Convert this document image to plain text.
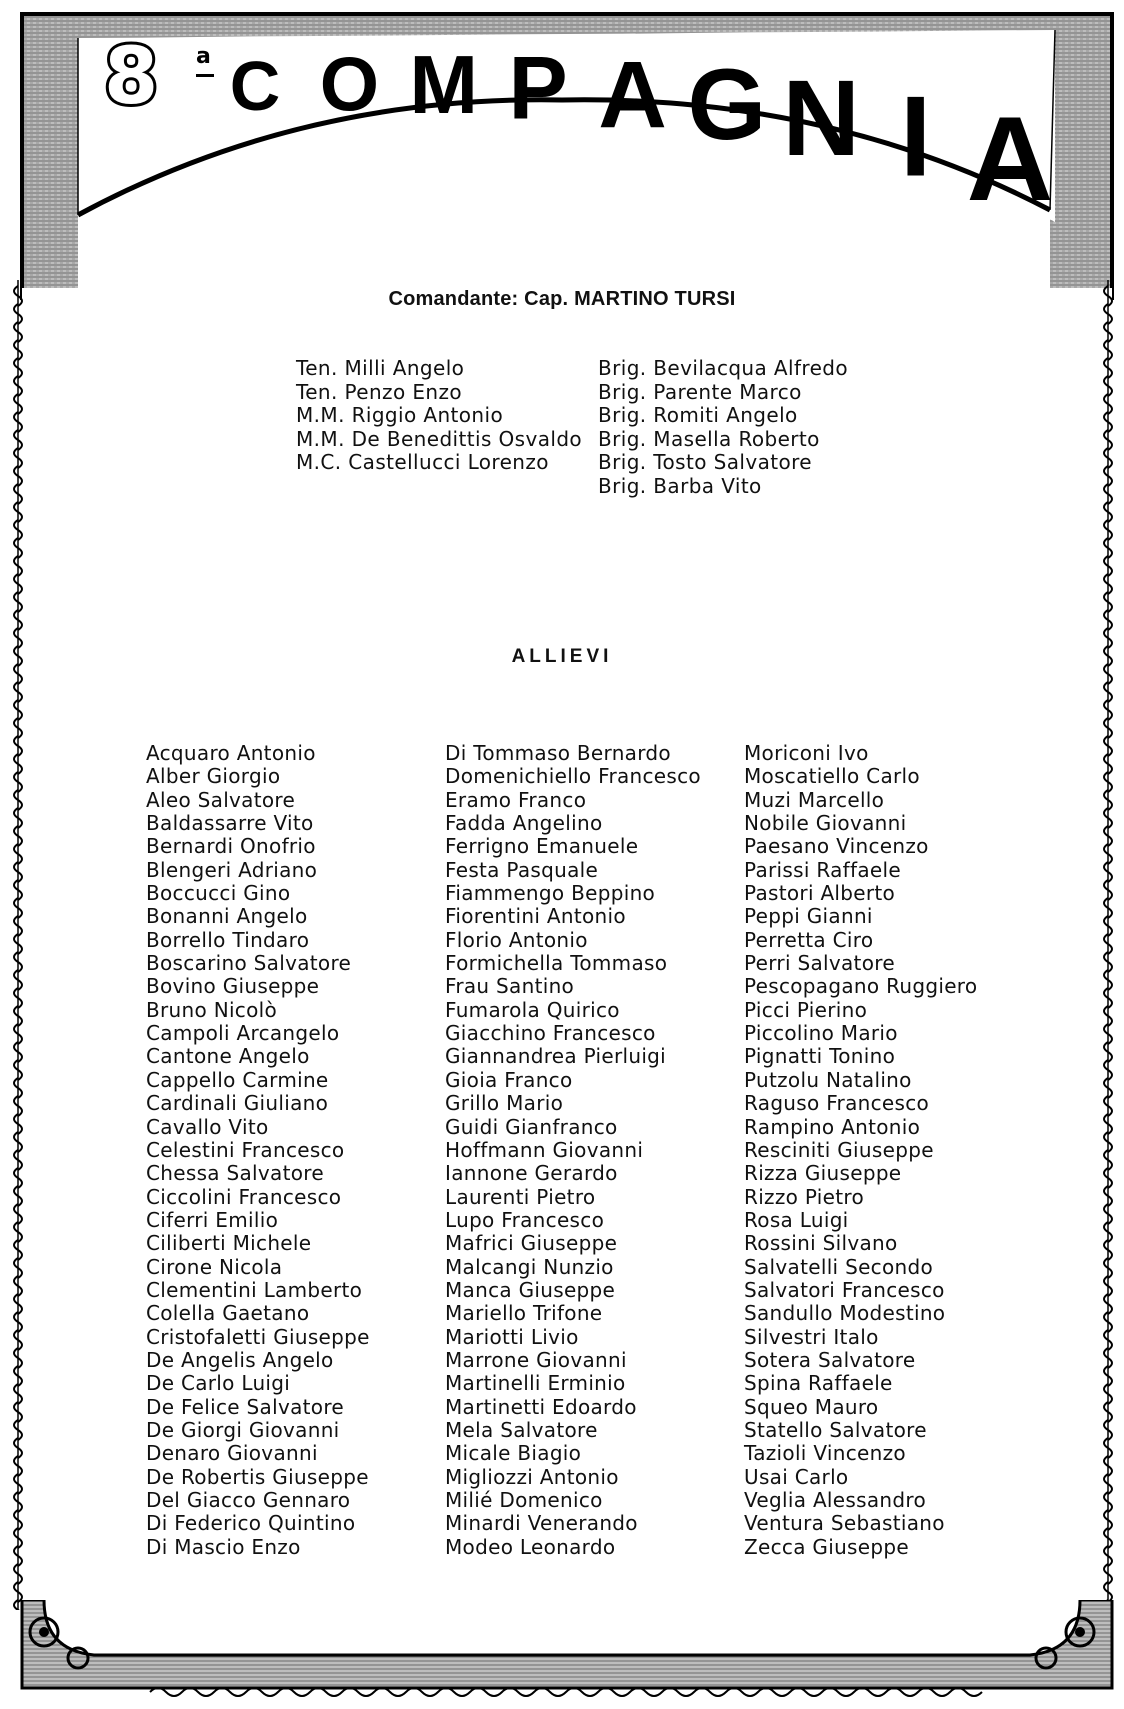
8 a C O M P A G N I A
Comandante: Cap. MARTINO TURSI
Ten. Milli Angelo
Ten. Penzo Enzo
M.M. Riggio Antonio
M.M. De Benedittis Osvaldo
M.C. Castellucci Lorenzo
Brig. Bevilacqua Alfredo
Brig. Parente Marco
Brig. Romiti Angelo
Brig. Masella Roberto
Brig. Tosto Salvatore
Brig. Barba Vito
ALLIEVI
Acquaro Antonio
Alber Giorgio
Aleo Salvatore
Baldassarre Vito
Bernardi Onofrio
Blengeri Adriano
Boccucci Gino
Bonanni Angelo
Borrello Tindaro
Boscarino Salvatore
Bovino Giuseppe
Bruno Nicolò
Campoli Arcangelo
Cantone Angelo
Cappello Carmine
Cardinali Giuliano
Cavallo Vito
Celestini Francesco
Chessa Salvatore
Ciccolini Francesco
Ciferri Emilio
Ciliberti Michele
Cirone Nicola
Clementini Lamberto
Colella Gaetano
Cristofaletti Giuseppe
De Angelis Angelo
De Carlo Luigi
De Felice Salvatore
De Giorgi Giovanni
Denaro Giovanni
De Robertis Giuseppe
Del Giacco Gennaro
Di Federico Quintino
Di Mascio Enzo
Di Tommaso Bernardo
Domenichiello Francesco
Eramo Franco
Fadda Angelino
Ferrigno Emanuele
Festa Pasquale
Fiammengo Beppino
Fiorentini Antonio
Florio Antonio
Formichella Tommaso
Frau Santino
Fumarola Quirico
Giacchino Francesco
Giannandrea Pierluigi
Gioia Franco
Grillo Mario
Guidi Gianfranco
Hoffmann Giovanni
Iannone Gerardo
Laurenti Pietro
Lupo Francesco
Mafrici Giuseppe
Malcangi Nunzio
Manca Giuseppe
Mariello Trifone
Mariotti Livio
Marrone Giovanni
Martinelli Erminio
Martinetti Edoardo
Mela Salvatore
Micale Biagio
Migliozzi Antonio
Milié Domenico
Minardi Venerando
Modeo Leonardo
Moriconi Ivo
Moscatiello Carlo
Muzi Marcello
Nobile Giovanni
Paesano Vincenzo
Parissi Raffaele
Pastori Alberto
Peppi Gianni
Perretta Ciro
Perri Salvatore
Pescopagano Ruggiero
Picci Pierino
Piccolino Mario
Pignatti Tonino
Putzolu Natalino
Raguso Francesco
Rampino Antonio
Resciniti Giuseppe
Rizza Giuseppe
Rizzo Pietro
Rosa Luigi
Rossini Silvano
Salvatelli Secondo
Salvatori Francesco
Sandullo Modestino
Silvestri Italo
Sotera Salvatore
Spina Raffaele
Squeo Mauro
Statello Salvatore
Tazioli Vincenzo
Usai Carlo
Veglia Alessandro
Ventura Sebastiano
Zecca Giuseppe
